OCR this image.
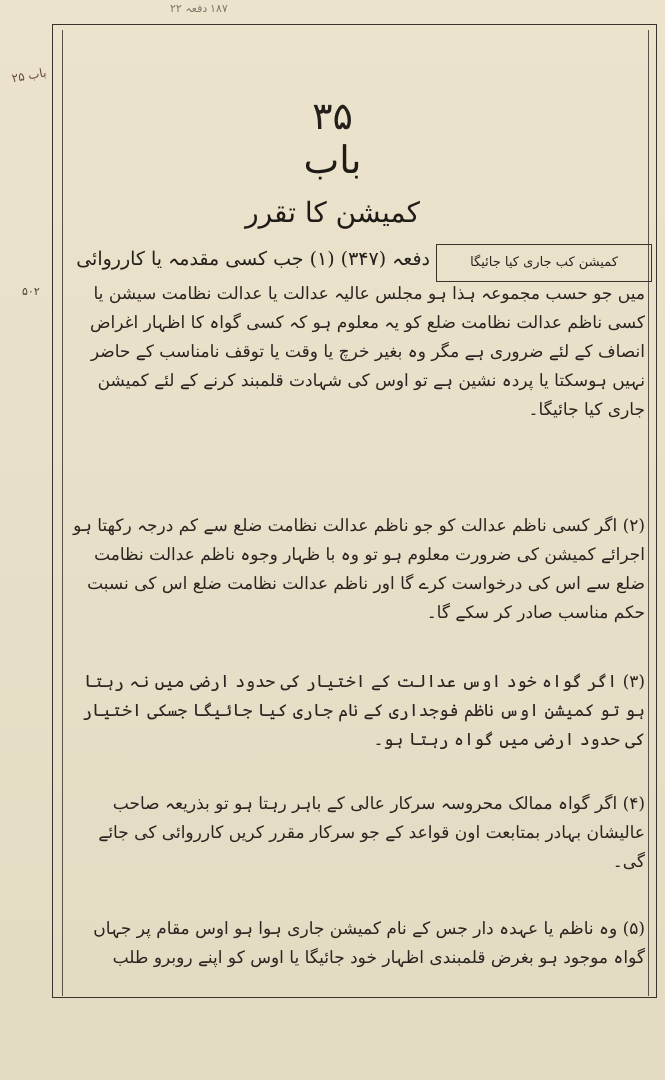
دفعہ ۲۲ ۱۸۷
باب ۲۵
۵۰۲
۳۵
باب
کمیشن کا تقرر
کمیشن کب جاری کیا جائیگا
دفعہ (۳۴۷) (۱) جب کسی مقدمہ یا کارروائی

میں جو حسب مجموعہ ہذا ہو مجلس عالیہ عدالت یا عدالت نظامت سیشن یا کسی ناظم عدالت نظامت ضلع کو یہ معلوم ہو کہ کسی گواہ کا اظہار اغراض انصاف کے لئے ضروری ہے مگر وہ بغیر خرچ یا وقت یا توقف نامناسب کے حاضر نہیں ہوسکتا یا پردہ نشین ہے تو اوس کی شہادت قلمبند کرنے کے لئے کمیشن جاری کیا جائیگا۔

(۲) اگر کسی ناظم عدالت کو جو ناظم عدالت نظامت ضلع سے کم درجہ رکھتا ہو اجرائے کمیشن کی ضرورت معلوم ہو تو وہ با ظہار وجوہ ناظم عدالت نظامت ضلع سے اس کی درخواست کرے گا اور ناظم عدالت نظامت ضلع اس کی نسبت حکم مناسب صادر کر سکے گا۔

(۳) اگر گواہ خود اوس عدالت کے اختیار کی حدود ارضی میں نہ رہتا ہو تو کمیشن اوس ناظم فوجداری کے نام جاری کیا جائیگا جسکی اختیار کی حدود ارضی میں گواہ رہتا ہو۔

(۴) اگر گواہ ممالک محروسہ سرکار عالی کے باہر رہتا ہو تو بذریعہ صاحب عالیشان بہادر بمتابعت اون قواعد کے جو سرکار مقرر کریں کارروائی کی جائے گی۔

(۵) وہ ناظم یا عہدہ دار جس کے نام کمیشن جاری ہوا ہو اوس مقام پر جہاں گواہ موجود ہو بغرض قلمبندی اظہار خود جائیگا یا اوس کو اپنے روبرو طلب
